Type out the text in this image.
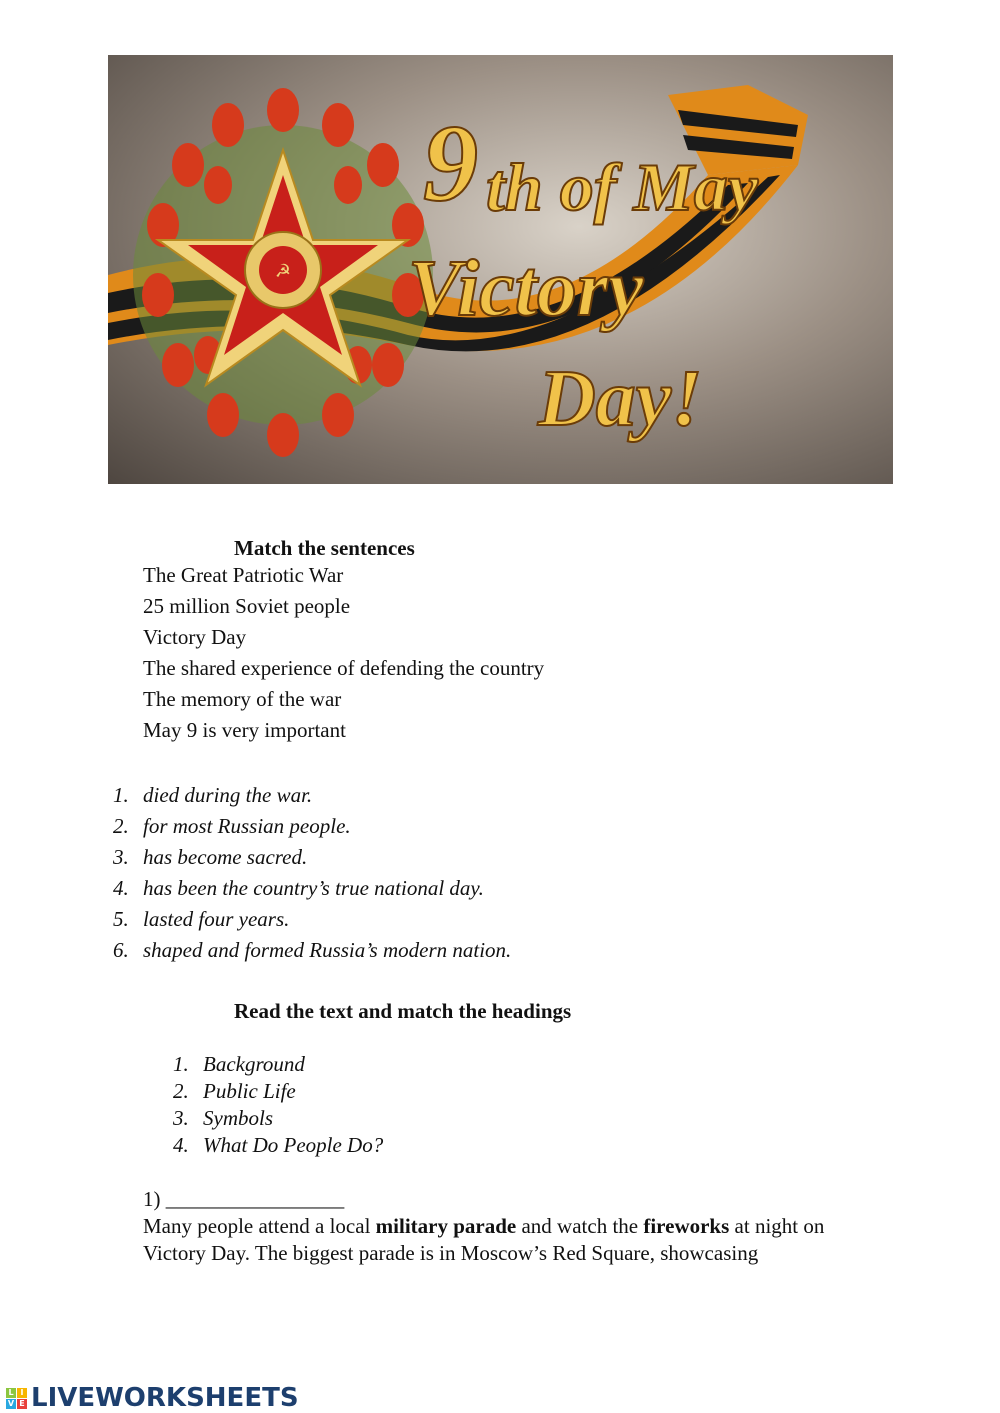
☭
9 th of May
Victory
Day!
Match the sentences
The Great Patriotic War
25 million Soviet people
Victory Day
The shared experience of defending the country
The memory of the war
May 9 is very important
1. died during the war.
2. for most Russian people.
3. has become sacred.
4. has been the country’s true national day.
5. lasted four years.
6. shaped and formed Russia’s modern nation.
Read the text and match the headings
1. Background
2. Public Life
3. Symbols
4. What Do People Do?
1) _________________
Many people attend a local military parade and watch the fireworks at night on
Victory Day. The biggest parade is in Moscow’s Red Square, showcasing
L I
V E LIVEWORKSHEETS
